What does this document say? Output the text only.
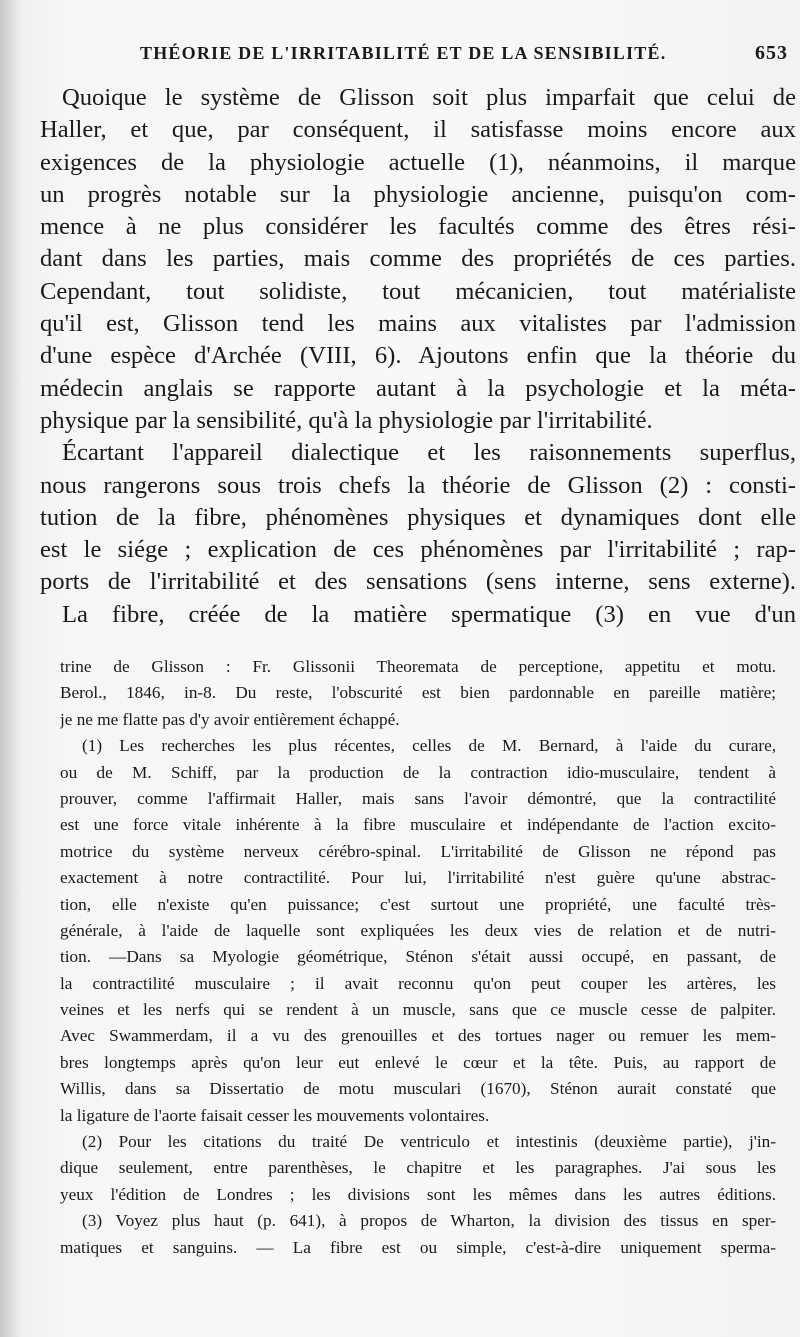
THÉORIE DE L'IRRITABILITÉ ET DE LA SENSIBILITÉ.	653
Quoique le système de Glisson soit plus imparfait que celui de
Haller, et que, par conséquent, il satisfasse moins encore aux
exigences de la physiologie actuelle (1), néanmoins, il marque
un progrès notable sur la physiologie ancienne, puisqu'on com-
mence à ne plus considérer les facultés comme des êtres rési-
dant dans les parties, mais comme des propriétés de ces parties.
Cependant, tout solidiste, tout mécanicien, tout matérialiste
qu'il est, Glisson tend les mains aux vitalistes par l'admission
d'une espèce d'Archée (VIII, 6). Ajoutons enfin que la théorie du
médecin anglais se rapporte autant à la psychologie et la méta-
physique par la sensibilité, qu'à la physiologie par l'irritabilité.
Écartant l'appareil dialectique et les raisonnements superflus,
nous rangerons sous trois chefs la théorie de Glisson (2) : consti-
tution de la fibre, phénomènes physiques et dynamiques dont elle
est le siége ; explication de ces phénomènes par l'irritabilité ; rap-
ports de l'irritabilité et des sensations (sens interne, sens externe).
La fibre, créée de la matière spermatique (3) en vue d'un
trine de Glisson : Fr. Glissonii Theoremata de perceptione, appetitu et motu.
Berol., 1846, in-8. Du reste, l'obscurité est bien pardonnable en pareille matière;
je ne me flatte pas d'y avoir entièrement échappé.
(1) Les recherches les plus récentes, celles de M. Bernard, à l'aide du curare,
ou de M. Schiff, par la production de la contraction idio-musculaire, tendent à
prouver, comme l'affirmait Haller, mais sans l'avoir démontré, que la contractilité
est une force vitale inhérente à la fibre musculaire et indépendante de l'action excito-
motrice du système nerveux cérébro-spinal. L'irritabilité de Glisson ne répond pas
exactement à notre contractilité. Pour lui, l'irritabilité n'est guère qu'une abstrac-
tion, elle n'existe qu'en puissance; c'est surtout une propriété, une faculté très-
générale, à l'aide de laquelle sont expliquées les deux vies de relation et de nutri-
tion. —Dans sa Myologie géométrique, Sténon s'était aussi occupé, en passant, de
la contractilité musculaire ; il avait reconnu qu'on peut couper les artères, les
veines et les nerfs qui se rendent à un muscle, sans que ce muscle cesse de palpiter.
Avec Swammerdam, il a vu des grenouilles et des tortues nager ou remuer les mem-
bres longtemps après qu'on leur eut enlevé le cœur et la tête. Puis, au rapport de
Willis, dans sa Dissertatio de motu musculari (1670), Sténon aurait constaté que
la ligature de l'aorte faisait cesser les mouvements volontaires.
(2) Pour les citations du traité De ventriculo et intestinis (deuxième partie), j'in-
dique seulement, entre parenthèses, le chapitre et les paragraphes. J'ai sous les
yeux l'édition de Londres ; les divisions sont les mêmes dans les autres éditions.
(3) Voyez plus haut (p. 641), à propos de Wharton, la division des tissus en sper-
matiques et sanguins. — La fibre est ou simple, c'est-à-dire uniquement sperma-
